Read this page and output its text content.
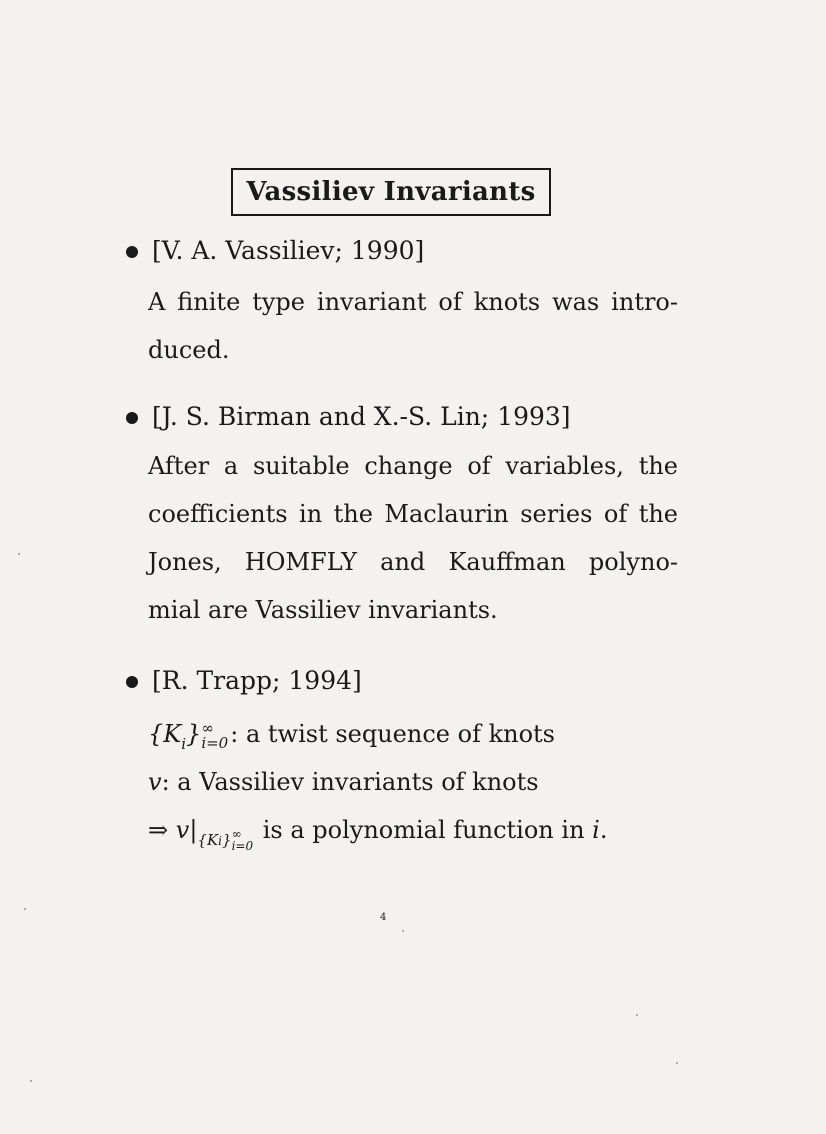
Vassiliev Invariants
[V. A. Vassiliev; 1990]
A finite type invariant of knots was intro-
duced.
[J. S. Birman and X.-S. Lin; 1993]
After a suitable change of variables, the
coefficients in the Maclaurin series of the
Jones, HOMFLY and Kauffman polyno-
mial are Vassiliev invariants.
[R. Trapp; 1994]
$\{K_i\}$ ∞
i=0 : a twist sequence of knots
v: a Vassiliev invariants of knots
⇒ $v|_{\{Ki\}}$ ∞
i=0
is a polynomial function in i.
4
